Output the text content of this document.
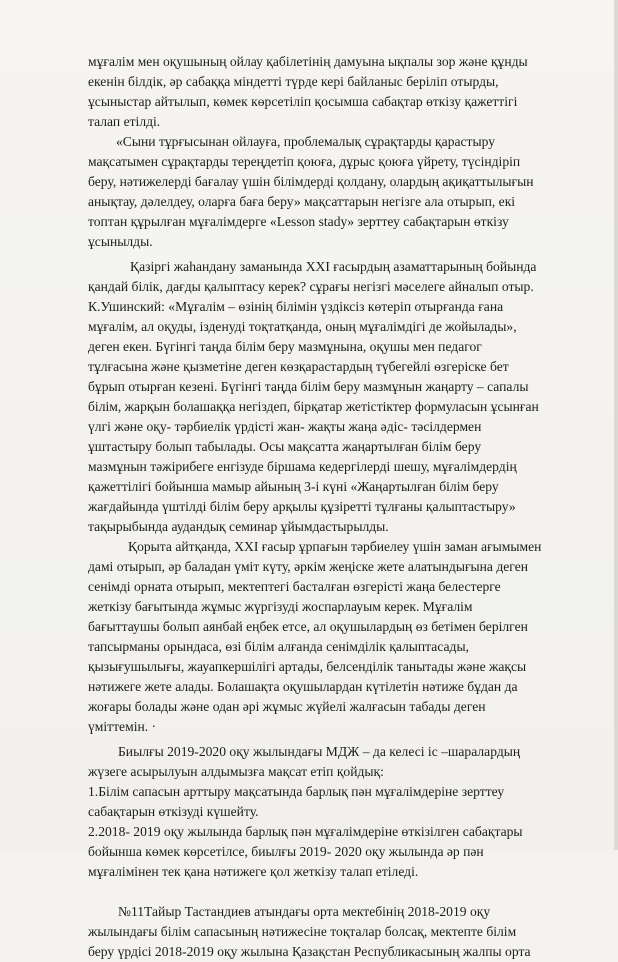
мұғалім мен оқушының ойлау қабілетінің дамуына ықпалы зор және құнды
екенін білдік, әр сабаққа міндетті түрде кері байланыс беріліп отырды,
ұсыныстар айтылып, көмек көрсетіліп қосымша сабақтар өткізу қажеттігі
талап етілді.
«Сыни тұрғысынан ойлауға, проблемалық сұрақтарды қарастыру
мақсатымен сұрақтарды тереңдетіп қоюға, дұрыс қоюға үйрету, түсіндіріп
беру, нәтижелерді бағалау үшін білімдерді қолдану, олардың ақиқаттылығын
анықтау, дәлелдеу, оларға баға беру» мақсаттарын негізге ала отырып, екі
топтан құрылған мұғалімдерге «Lesson stady» зерттеу сабақтарын өткізу
ұсынылды.
Қазіргі жаһандану заманында XXI ғасырдың азаматтарының бойында
қандай білік, дағды қалыптасу керек? сұрағы негізгі мәселеге айналып отыр.
К.Ушинский: «Мұғалім – өзінің білімін үздіксіз көтеріп отырғанда ғана
мұғалім, ал оқуды, ізденуді тоқтатқанда, оның мұғалімдігі де жойылады»,
деген екен. Бүгінгі таңда білім беру мазмұнына, оқушы мен педагог
тұлғасына және қызметіне деген көзқарастардың түбегейлі өзгеріске бет
бұрып отырған кезені. Бүгінгі таңда білім беру мазмұнын жаңарту – сапалы
білім, жарқын болашаққа негіздеп, бірқатар жетістіктер формуласын ұсынған
үлгі және оқу- тәрбиелік үрдісті жан- жақты жаңа әдіс- тәсілдермен
ұштастыру болып табылады. Осы мақсатта жаңартылған білім беру
мазмұнын тәжірибеге енгізуде біршама кедергілерді шешу, мұғалімдердің
қажеттілігі бойынша мамыр айының 3-і күні «Жаңартылған білім беру
жағдайында үштілді білім беру арқылы құзіретті тұлғаны қалыптастыру»
тақырыбында аудандық семинар ұйымдастырылды.
Қорыта айтқанда, XXI ғасыр ұрпағын тәрбиелеу үшін заман ағымымен
дамі отырып, әр баладан үміт күту, әркім жеңіске жете алатындығына деген
сенімді орната отырып, мектептегі басталған өзгерісті жаңа белестерге
жеткізу бағытында жұмыс жүргізуді жоспарлауым керек. Мұғалім
бағыттаушы болып аянбай еңбек етсе, ал оқушылардың өз бетімен берілген
тапсырманы орындаса, өзі білім алғанда сенімділік қалыптасады,
қызығушылығы, жауапкершілігі артады, белсенділік танытады және жақсы
нәтижеге жете алады. Болашақта оқушылардан күтілетін нәтиже бұдан да
жоғары болады және одан әрі жұмыс жүйелі жалғасын табады деген
үміттемін. ·
Биылғы 2019-2020 оқу жылындағы МДЖ – да келесі іс –шаралардың
жүзеге асырылуын алдымызға мақсат етіп қойдық:
1.Білім сапасын арттыру мақсатында барлық пән мұғалімдеріне зерттеу
сабақтарын өткізуді күшейту.
2.2018- 2019 оқу жылында барлық пән мұғалімдеріне өткізілген сабақтары
бойынша көмек көрсетілсе, биылғы 2019- 2020 оқу жылында әр пән
мұғалімінен тек қана нәтижеге қол жеткізу талап етіледі.
№11Тайыр Тастандиев атындағы орта мектебінің 2018-2019 оқу
жылындағы білім сапасының нәтижесіне тоқталар болсақ, мектепте білім
беру үрдісі 2018-2019 оқу жылына Қазақстан Республикасының жалпы орта
